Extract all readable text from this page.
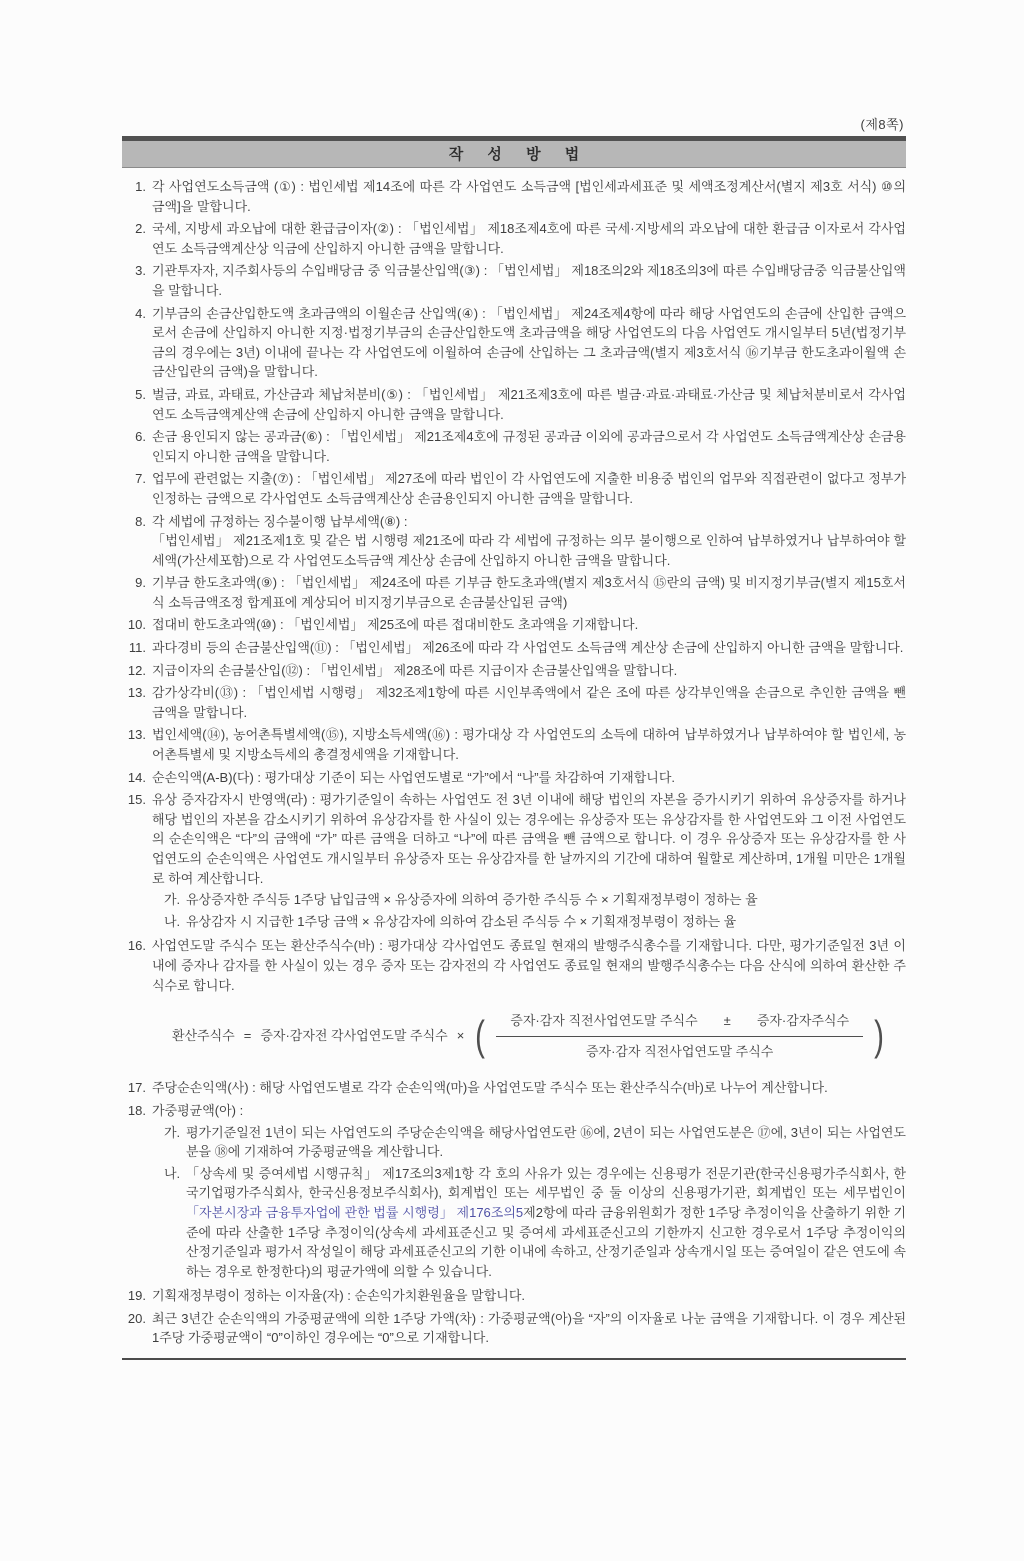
(제8쪽)
작 성 방 법
1. 각 사업연도소득금액 (①) : 법인세법 제14조에 따른 각 사업연도 소득금액 [법인세과세표준 및 세액조정계산서(별지 제3호 서식) ⑩의 금액]을 말합니다.
2. 국세, 지방세 과오납에 대한 환급금이자(②) : 「법인세법」 제18조제4호에 따른 국세·지방세의 과오납에 대한 환급금 이자로서 각사업연도 소득금액계산상 익금에 산입하지 아니한 금액을 말합니다.
3. 기관투자자, 지주회사등의 수입배당금 중 익금불산입액(③) : 「법인세법」 제18조의2와 제18조의3에 따른 수입배당금중 익금불산입액을 말합니다.
4. 기부금의 손금산입한도액 초과금액의 이월손금 산입액(④) : 「법인세법」 제24조제4항에 따라 해당 사업연도의 손금에 산입한 금액으로서 손금에 산입하지 아니한 지정·법정기부금의 손금산입한도액 초과금액을 해당 사업연도의 다음 사업연도 개시일부터 5년(법정기부금의 경우에는 3년) 이내에 끝나는 각 사업연도에 이월하여 손금에 산입하는 그 초과금액(별지 제3호서식 ⑯기부금 한도초과이월액 손금산입란의 금액)을 말합니다.
5. 벌금, 과료, 과태료, 가산금과 체납처분비(⑤) : 「법인세법」 제21조제3호에 따른 벌금·과료·과태료·가산금 및 체납처분비로서 각사업연도 소득금액계산액 손금에 산입하지 아니한 금액을 말합니다.
6. 손금 용인되지 않는 공과금(⑥) : 「법인세법」 제21조제4호에 규정된 공과금 이외에 공과금으로서 각 사업연도 소득금액계산상 손금용인되지 아니한 금액을 말합니다.
7. 업무에 관련없는 지출(⑦) : 「법인세법」 제27조에 따라 법인이 각 사업연도에 지출한 비용중 법인의 업무와 직접관련이 없다고 정부가 인정하는 금액으로 각사업연도 소득금액계산상 손금용인되지 아니한 금액을 말합니다.
8. 각 세법에 규정하는 징수불이행 납부세액(⑧) :
「법인세법」 제21조제1호 및 같은 법 시행령 제21조에 따라 각 세법에 규정하는 의무 불이행으로 인하여 납부하였거나 납부하여야 할 세액(가산세포함)으로 각 사업연도소득금액 계산상 손금에 산입하지 아니한 금액을 말합니다.
9. 기부금 한도초과액(⑨) : 「법인세법」 제24조에 따른 기부금 한도초과액(별지 제3호서식 ⑮란의 금액) 및 비지정기부금(별지 제15호서식 소득금액조정 합계표에 계상되어 비지정기부금으로 손금불산입된 금액)
10. 접대비 한도초과액(⑩) : 「법인세법」 제25조에 따른 접대비한도 초과액을 기재합니다.
11. 과다경비 등의 손금불산입액(⑪) : 「법인세법」 제26조에 따라 각 사업연도 소득금액 계산상 손금에 산입하지 아니한 금액을 말합니다.
12. 지급이자의 손금불산입(⑫) : 「법인세법」 제28조에 따른 지급이자 손금불산입액을 말합니다.
13. 감가상각비(⑬) : 「법인세법 시행령」 제32조제1항에 따른 시인부족액에서 같은 조에 따른 상각부인액을 손금으로 추인한 금액을 뺀 금액을 말합니다.
13. 법인세액(⑭), 농어촌특별세액(⑮), 지방소득세액(⑯) : 평가대상 각 사업연도의 소득에 대하여 납부하였거나 납부하여야 할 법인세, 농어촌특별세 및 지방소득세의 총결정세액을 기재합니다.
14. 순손익액(A-B)(다) : 평가대상 기준이 되는 사업연도별로 “가”에서 “나”를 차감하여 기재합니다.
15. 유상 증자감자시 반영액(라) : 평가기준일이 속하는 사업연도 전 3년 이내에 해당 법인의 자본을 증가시키기 위하여 유상증자를 하거나 해당 법인의 자본을 감소시키기 위하여 유상감자를 한 사실이 있는 경우에는 유상증자 또는 유상감자를 한 사업연도와 그 이전 사업연도의 순손익액은 “다”의 금액에 “가” 따른 금액을 더하고 “나”에 따른 금액을 뺀 금액으로 합니다. 이 경우 유상증자 또는 유상감자를 한 사업연도의 순손익액은 사업연도 개시일부터 유상증자 또는 유상감자를 한 날까지의 기간에 대하여 월할로 계산하며, 1개월 미만은 1개월로 하여 계산합니다.
가. 유상증자한 주식등 1주당 납입금액 × 유상증자에 의하여 증가한 주식등 수 × 기획재정부령이 정하는 율
나. 유상감자 시 지급한 1주당 금액 × 유상감자에 의하여 감소된 주식등 수 × 기획재정부령이 정하는 율
16. 사업연도말 주식수 또는 환산주식수(바) : 평가대상 각사업연도 종료일 현재의 발행주식총수를 기재합니다. 다만, 평가기준일전 3년 이내에 증자나 감자를 한 사실이 있는 경우 증자 또는 감자전의 각 사업연도 종료일 현재의 발행주식총수는 다음 산식에 의하여 환산한 주식수로 합니다.
환산주식수 = 증자·감자전 각사업연도말 주식수 × ( $\frac{\text{증자·감자 직전사업연도말 주식수 ± 증자·감자주식수}}{\text{증자·감자 직전사업연도말 주식수}}$ )
17. 주당순손익액(사) : 해당 사업연도별로 각각 순손익액(마)을 사업연도말 주식수 또는 환산주식수(바)로 나누어 계산합니다.
18. 가중평균액(아) :
가. 평가기준일전 1년이 되는 사업연도의 주당순손익액을 해당사업연도란 ⑯에, 2년이 되는 사업연도분은 ⑰에, 3년이 되는 사업연도 분을 ⑱에 기재하여 가중평균액을 계산합니다.
나. 「상속세 및 증여세법 시행규칙」 제17조의3제1항 각 호의 사유가 있는 경우에는 신용평가 전문기관(한국신용평가주식회사, 한국기업평가주식회사, 한국신용정보주식회사), 회계법인 또는 세무법인 중 둘 이상의 신용평가기관, 회계법인 또는 세무법인이 「자본시장과 금융투자업에 관한 법률 시행령」 제176조의5제2항에 따라 금융위원회가 정한 1주당 추정이익을 산출하기 위한 기준에 따라 산출한 1주당 추정이익(상속세 과세표준신고 및 증여세 과세표준신고의 기한까지 신고한 경우로서 1주당 추정이익의 산정기준일과 평가서 작성일이 해당 과세표준신고의 기한 이내에 속하고, 산정기준일과 상속개시일 또는 증여일이 같은 연도에 속하는 경우로 한정한다)의 평균가액에 의할 수 있습니다.
19. 기획재정부령이 정하는 이자율(자) : 순손익가치환원율을 말합니다.
20. 최근 3년간 순손익액의 가중평균액에 의한 1주당 가액(차) : 가중평균액(아)을 “자”의 이자율로 나눈 금액을 기재합니다. 이 경우 계산된 1주당 가중평균액이 “0”이하인 경우에는 “0”으로 기재합니다.
